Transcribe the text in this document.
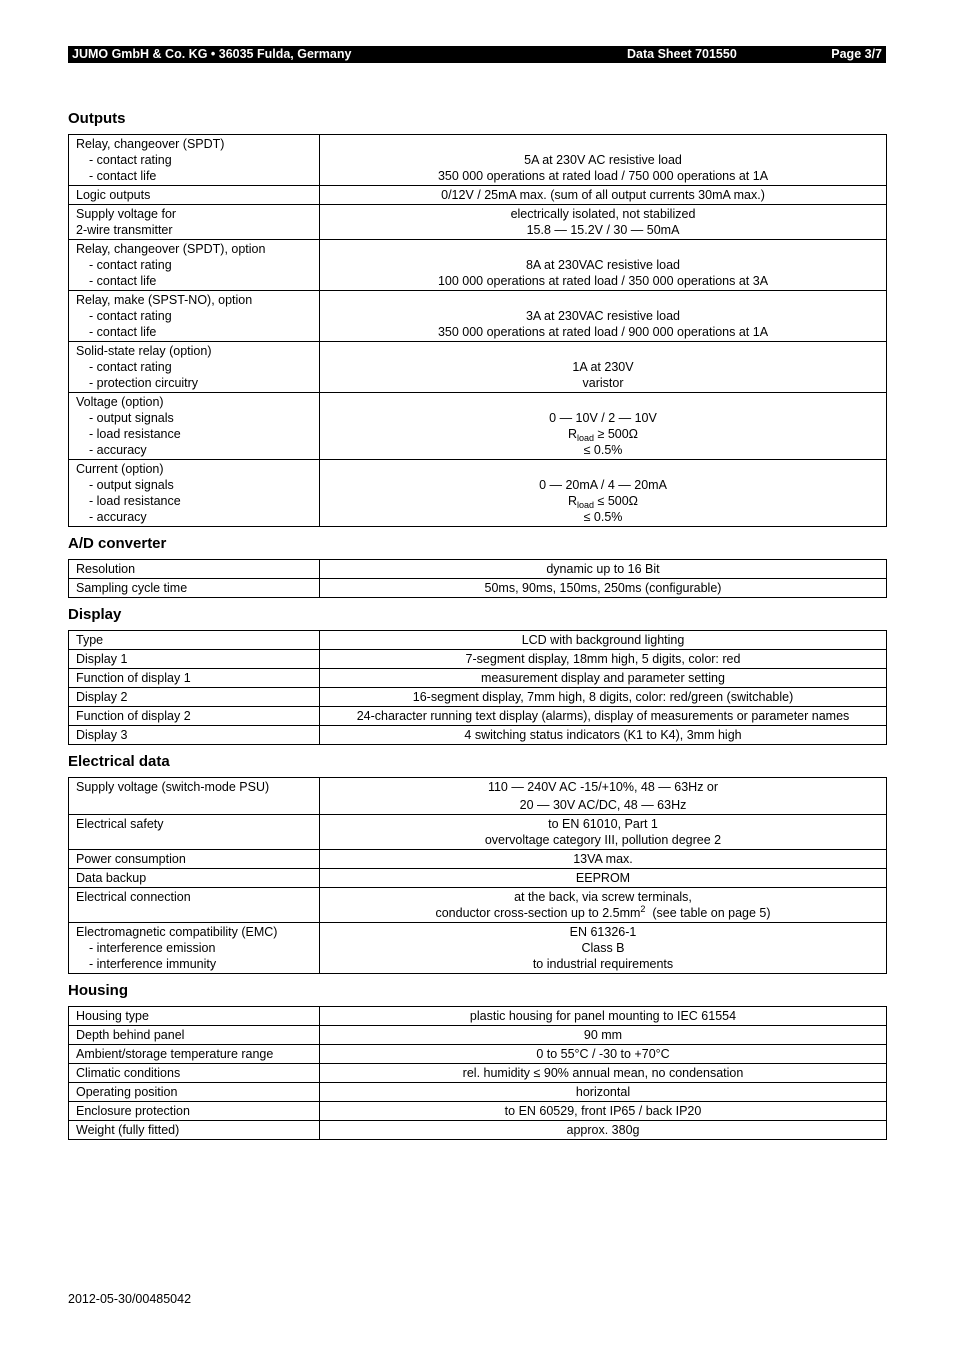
JUMO GmbH & Co. KG • 36035 Fulda, Germany	Data Sheet 701550	Page 3/7
Outputs
Relay, changeover (SPDT)
- contact rating
- contact life	5A at 230V AC resistive load
350 000 operations at rated load / 750 000 operations at 1A

Logic outputs	0/12V / 25mA max. (sum of all output currents 30mA max.)

Supply voltage for
2-wire transmitter	electrically isolated, not stabilized
15.8 — 15.2V / 30 — 50mA

Relay, changeover (SPDT), option
- contact rating
- contact life	8A at 230VAC resistive load
100 000 operations at rated load / 350 000 operations at 3A

Relay, make (SPST-NO), option
- contact rating
- contact life	3A at 230VAC resistive load
350 000 operations at rated load / 900 000 operations at 1A

Solid-state relay (option)
- contact rating
- protection circuitry	1A at 230V
varistor

Voltage (option)
- output signals
- load resistance
- accuracy	0 — 10V / 2 — 10V
$R_{load} \ge 500\Omega$
≤ 0.5%

Current (option)
- output signals
- load resistance
- accuracy	0 — 20mA / 4 — 20mA
$R_{load} \le 500\Omega$
≤ 0.5%
A/D converter
Resolution	dynamic up to 16 Bit
Sampling cycle time	50ms, 90ms, 150ms, 250ms (configurable)
Display
Type	LCD with background lighting
Display 1	7-segment display, 18mm high, 5 digits, color: red
Function of display 1	measurement display and parameter setting
Display 2	16-segment display, 7mm high, 8 digits, color: red/green (switchable)
Function of display 2	24-character running text display (alarms), display of measurements or parameter names
Display 3	4 switching status indicators (K1 to K4), 3mm high
Electrical data
Supply voltage (switch-mode PSU)	110 — 240V AC -15/+10%, 48 — 63Hz or
20 — 30V AC/DC, 48 — 63Hz

Electrical safety	to EN 61010, Part 1
overvoltage category III, pollution degree 2

Power consumption	13VA max.
Data backup	EEPROM
Electrical connection	at the back, via screw terminals,
conductor cross-section up to $2.5mm^2$  (see table on page 5)

Electromagnetic compatibility (EMC)
- interference emission
- interference immunity	EN 61326-1
Class B
to industrial requirements
Housing
Housing type	plastic housing for panel mounting to IEC 61554
Depth behind panel	90 mm
Ambient/storage temperature range	0 to 55°C / -30 to +70°C
Climatic conditions	rel. humidity ≤ 90% annual mean, no condensation
Operating position	horizontal
Enclosure protection	to EN 60529, front IP65 / back IP20
Weight (fully fitted)	approx. 380g
2012-05-30/00485042
